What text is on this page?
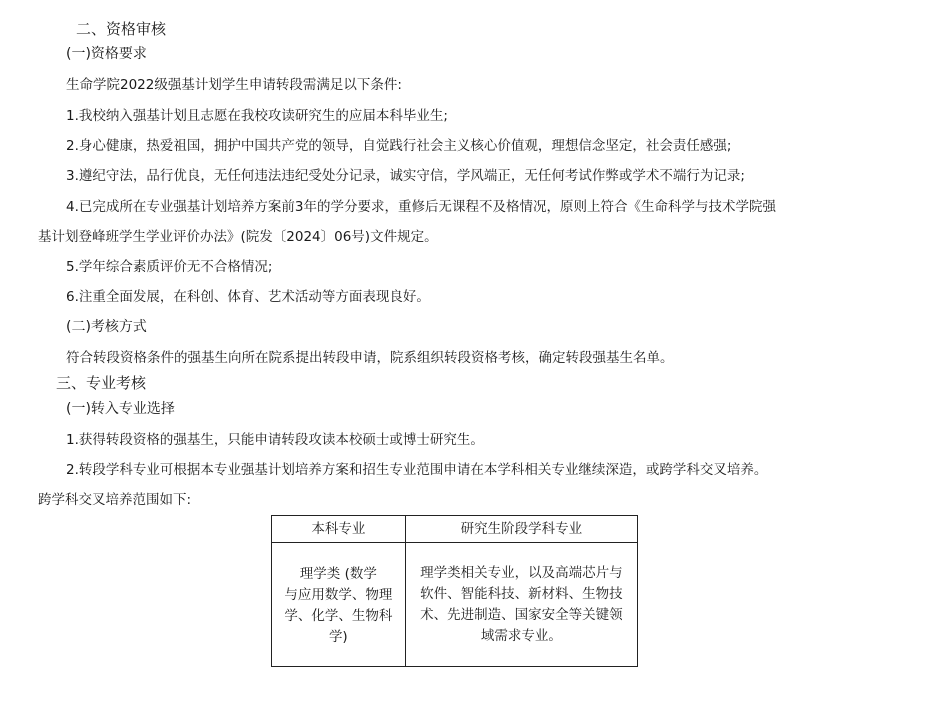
二、资格审核
(一)资格要求
生命学院2022级强基计划学生申请转段需满足以下条件:
1.我校纳入强基计划且志愿在我校攻读研究生的应届本科毕业生;
2.身心健康，热爱祖国，拥护中国共产党的领导，自觉践行社会主义核心价值观，理想信念坚定，社会责任感强;
3.遵纪守法，品行优良，无任何违法违纪受处分记录，诚实守信，学风端正，无任何考试作弊或学术不端行为记录;
4.已完成所在专业强基计划培养方案前3年的学分要求，重修后无课程不及格情况，原则上符合《生命科学与技术学院强
基计划登峰班学生学业评价办法》(院发〔2024〕06号)文件规定。
5.学年综合素质评价无不合格情况;
6.注重全面发展，在科创、体育、艺术活动等方面表现良好。
(二)考核方式
符合转段资格条件的强基生向所在院系提出转段申请，院系组织转段资格考核，确定转段强基生名单。
三、专业考核
(一)转入专业选择
1.获得转段资格的强基生，只能申请转段攻读本校硕士或博士研究生。
2.转段学科专业可根据本专业强基计划培养方案和招生专业范围申请在本学科相关专业继续深造，或跨学科交叉培养。
跨学科交叉培养范围如下:
本科专业	研究生阶段学科专业

理学类 (数学
与应用数学、物理
学、化学、生物科
学)	理学类相关专业，以及高端芯片与
软件、智能科技、新材料、生物技
术、先进制造、国家安全等关键领
域需求专业。
